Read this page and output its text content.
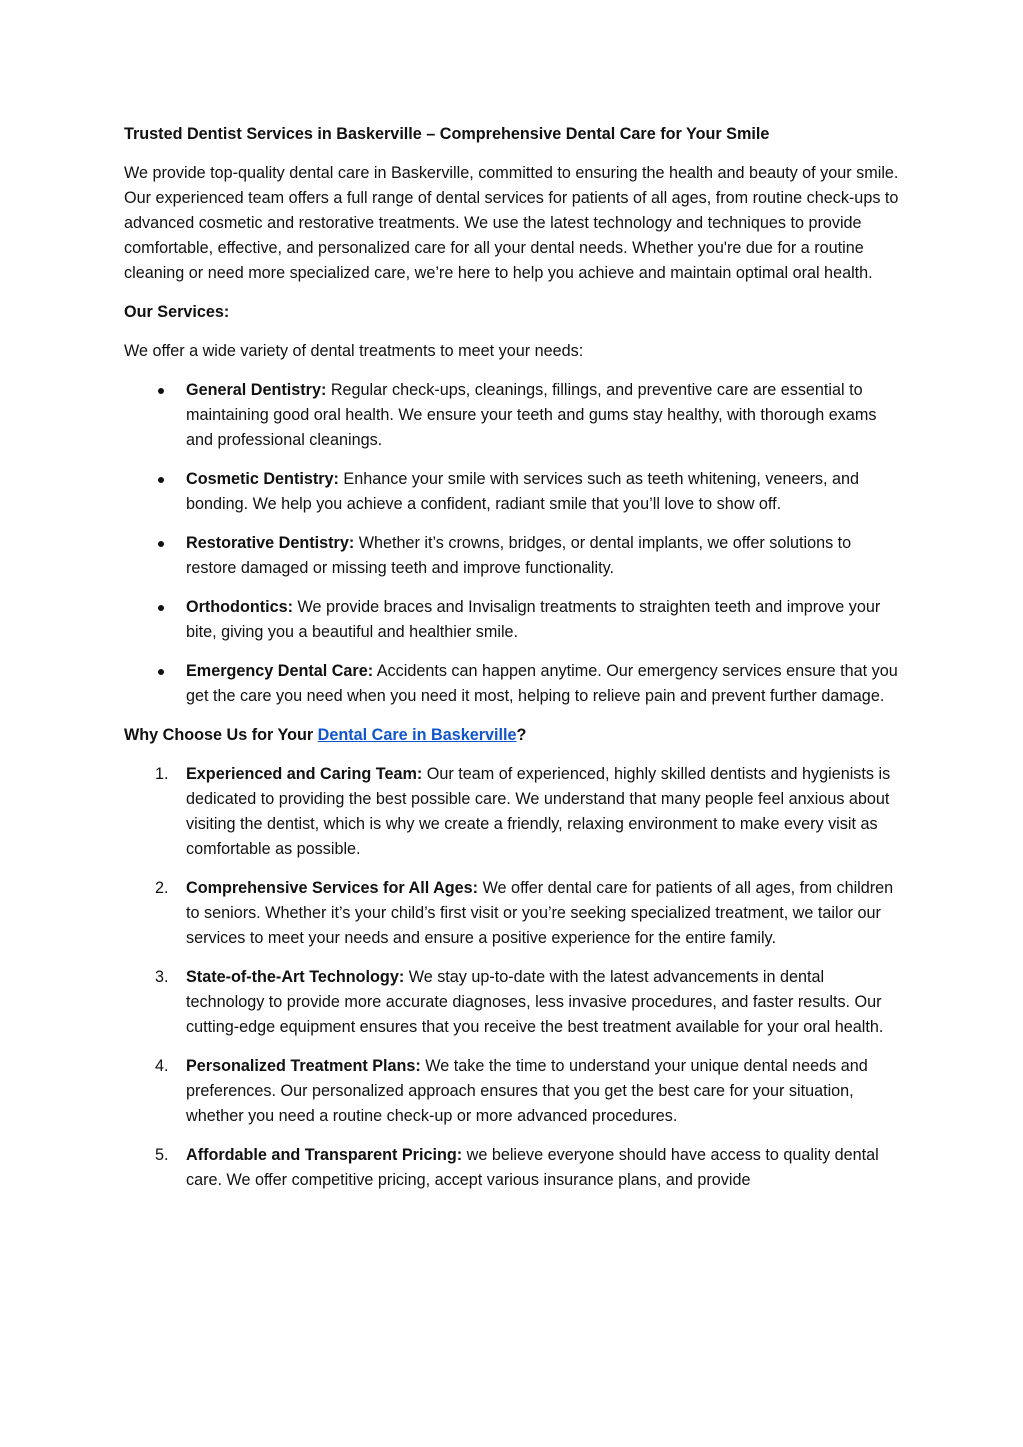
Trusted Dentist Services in Baskerville – Comprehensive Dental Care for Your Smile

We provide top-quality dental care in Baskerville, committed to ensuring the health and beauty of your smile. Our experienced team offers a full range of dental services for patients of all ages, from routine check-ups to advanced cosmetic and restorative treatments. We use the latest technology and techniques to provide comfortable, effective, and personalized care for all your dental needs. Whether you're due for a routine cleaning or need more specialized care, we’re here to help you achieve and maintain optimal oral health.

Our Services:

We offer a wide variety of dental treatments to meet your needs:

General Dentistry: Regular check-ups, cleanings, fillings, and preventive care are essential to maintaining good oral health. We ensure your teeth and gums stay healthy, with thorough exams and professional cleanings.
Cosmetic Dentistry: Enhance your smile with services such as teeth whitening, veneers, and bonding. We help you achieve a confident, radiant smile that you’ll love to show off.
Restorative Dentistry: Whether it’s crowns, bridges, or dental implants, we offer solutions to restore damaged or missing teeth and improve functionality.
Orthodontics: We provide braces and Invisalign treatments to straighten teeth and improve your bite, giving you a beautiful and healthier smile.
Emergency Dental Care: Accidents can happen anytime. Our emergency services ensure that you get the care you need when you need it most, helping to relieve pain and prevent further damage.

Why Choose Us for Your Dental Care in Baskerville?

1. Experienced and Caring Team: Our team of experienced, highly skilled dentists and hygienists is dedicated to providing the best possible care. We understand that many people feel anxious about visiting the dentist, which is why we create a friendly, relaxing environment to make every visit as comfortable as possible.
2. Comprehensive Services for All Ages: We offer dental care for patients of all ages, from children to seniors. Whether it’s your child’s first visit or you’re seeking specialized treatment, we tailor our services to meet your needs and ensure a positive experience for the entire family.
3. State-of-the-Art Technology: We stay up-to-date with the latest advancements in dental technology to provide more accurate diagnoses, less invasive procedures, and faster results. Our cutting-edge equipment ensures that you receive the best treatment available for your oral health.
4. Personalized Treatment Plans: We take the time to understand your unique dental needs and preferences. Our personalized approach ensures that you get the best care for your situation, whether you need a routine check-up or more advanced procedures.
5. Affordable and Transparent Pricing: we believe everyone should have access to quality dental care. We offer competitive pricing, accept various insurance plans, and provide
